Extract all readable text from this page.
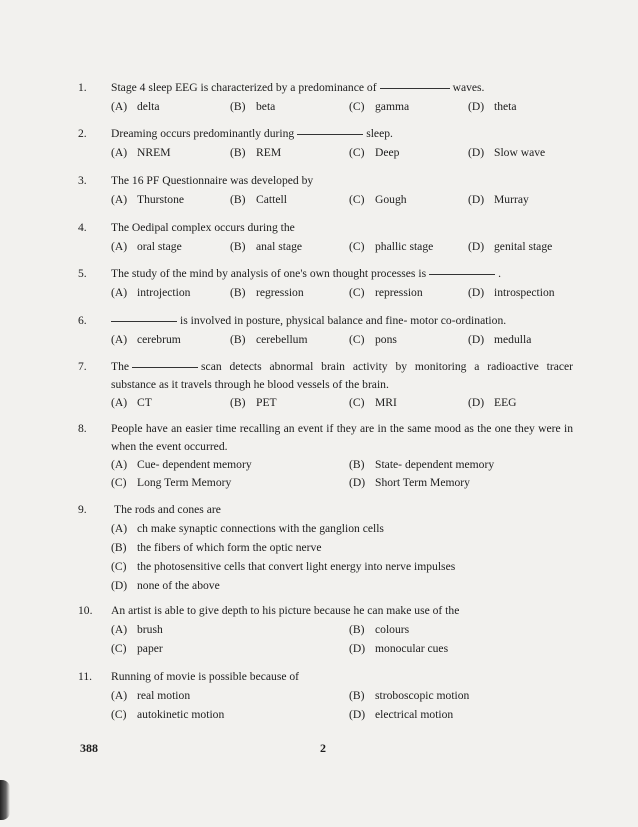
1.	Stage 4 sleep EEG is characterized by a predominance of	waves.
(A) delta	(B) beta	(C) gamma	(D) theta
2.	Dreaming occurs predominantly during	sleep.
(A) NREM	(B) REM	(C) Deep	(D) Slow wave
3.	The 16 PF Questionnaire was developed by
(A) Thurstone	(B) Cattell	(C) Gough	(D) Murray
4.	The Oedipal complex occurs during the
(A) oral stage	(B) anal stage	(C) phallic stage	(D) genital stage
5.	The study of the mind by analysis of one's own thought processes is	.
(A) introjection	(B) regression	(C) repression	(D) introspection
6.	is involved in posture, physical balance and fine- motor co-ordination.
(A) cerebrum	(B) cerebellum	(C) pons	(D) medulla
7.	The	scan detects abnormal brain activity by monitoring a radioactive tracer substance as it travels through he blood vessels of the brain.
(A) CT	(B) PET	(C) MRI	(D) EEG
8.	People have an easier time recalling an event if they are in the same mood as the one they were in when the event occurred.
(A) Cue- dependent memory	(B) State- dependent memory
(C) Long Term Memory	(D) Short Term Memory
9.	The rods and cones are
(A) ch make synaptic connections with the ganglion cells
(B) the fibers of which form the optic nerve
(C) the photosensitive cells that convert light energy into nerve impulses
(D) none of the above
10.	An artist is able to give depth to his picture because he can make use of the
(A) brush	(B) colours
(C) paper	(D) monocular cues
11.	Running of movie is possible because of
(A) real motion	(B) stroboscopic motion
(C) autokinetic motion	(D) electrical motion
388	2
